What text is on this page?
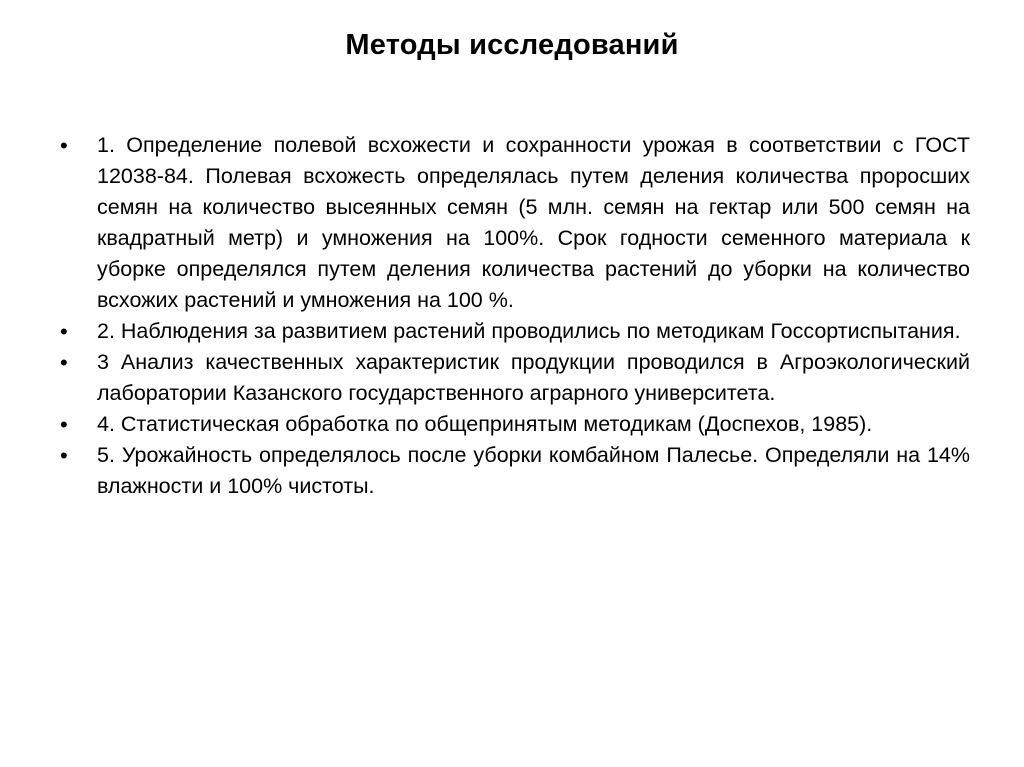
Методы исследований
•	1. Определение полевой всхожести и сохранности урожая в соответствии с ГОСТ 12038-84. Полевая всхожесть определялась путем деления количества проросших семян на количество высеянных семян (5 млн. семян на гектар или 500 семян на квадратный метр) и умножения на 100%. Срок годности семенного материала к уборке определялся путем деления количества растений до уборки на количество всхожих растений и умножения на 100 %.
•	2. Наблюдения за развитием растений проводились по методикам Госсортиспытания.
•	3 Анализ качественных характеристик продукции проводился в Агроэкологический лаборатории Казанского государственного аграрного университета.
•	4. Статистическая обработка по общепринятым методикам (Доспехов, 1985).
•	5. Урожайность определялось после уборки комбайном Палесье. Определяли на 14% влажности и 100% чистоты.
